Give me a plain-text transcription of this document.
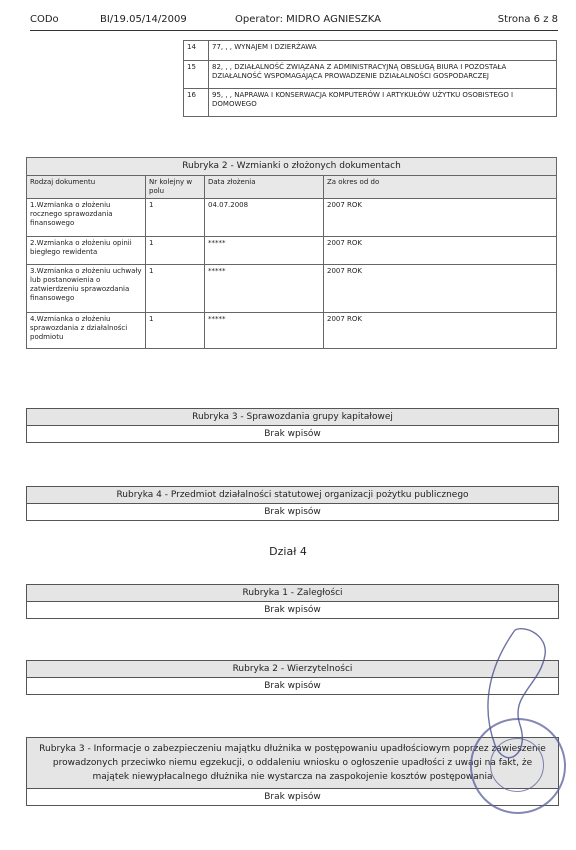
CODo	BI/19.05/14/2009	Operator: MIDRO AGNIESZKA	Strona 6 z 8
14	77, , , WYNAJEM I DZIERŻAWA
15	82, , , DZIAŁALNOŚĆ ZWIĄZANA Z ADMINISTRACYJNĄ OBSŁUGĄ BIURA I POZOSTAŁA DZIAŁALNOŚĆ WSPOMAGAJĄCA PROWADZENIE DZIAŁALNOŚCI GOSPODARCZEJ
16	95, , , NAPRAWA I KONSERWACJA KOMPUTERÓW I ARTYKUŁÓW UŻYTKU OSOBISTEGO I DOMOWEGO
Rubryka 2 - Wzmianki o złożonych dokumentach			
Rodzaj dokumentu	Nr kolejny w polu	Data złożenia	Za okres od do
1.Wzmianka o złożeniu rocznego sprawozdania finansowego	1	04.07.2008	2007 ROK
2.Wzmianka o złożeniu opinii biegłego rewidenta	1	*****	2007 ROK
3.Wzmianka o złożeniu uchwały lub postanowienia o zatwierdzeniu sprawozdania finansowego	1	*****	2007 ROK
4.Wzmianka o złożeniu sprawozdania z działalności podmiotu	1	*****	2007 ROK
Rubryka 3 - Sprawozdania grupy kapitałowej
Brak wpisów
Rubryka 4 - Przedmiot działalności statutowej organizacji pożytku publicznego
Brak wpisów
Dział 4
Rubryka 1 - Zaległości
Brak wpisów
Rubryka 2 - Wierzytelności
Brak wpisów
Rubryka 3 - Informacje o zabezpieczeniu majątku dłużnika w postępowaniu upadłościowym poprzez zawieszenie prowadzonych przeciwko niemu egzekucji, o oddaleniu wniosku o ogłoszenie upadłości z uwagi na fakt, że majątek niewypłacalnego dłużnika nie wystarcza na zaspokojenie kosztów postępowania
Brak wpisów
